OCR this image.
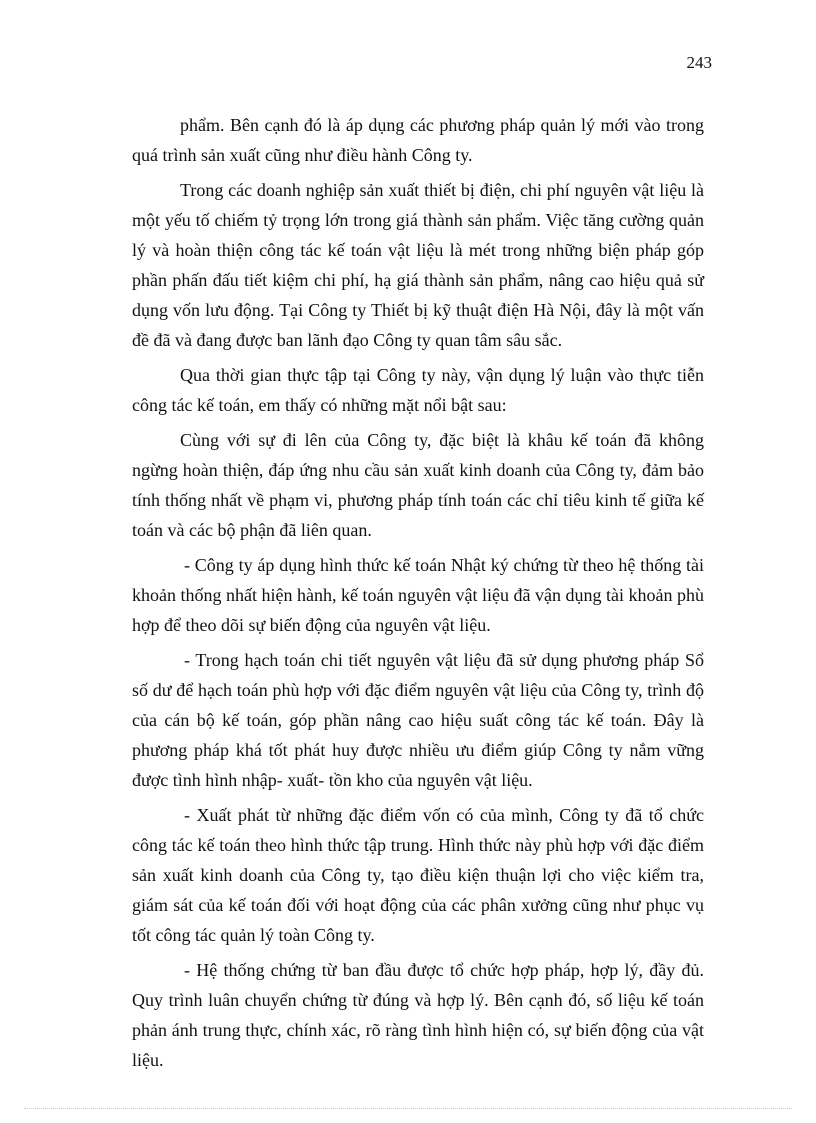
243

phẩm. Bên cạnh đó là áp dụng các phương pháp quản lý mới vào trong quá trình sản xuất cũng như điều hành Công ty.

Trong các doanh nghiệp sản xuất thiết bị điện, chi phí nguyên vật liệu là một yếu tố chiếm tỷ trọng lớn trong giá thành sản phẩm. Việc tăng cường quản lý và hoàn thiện công tác kế toán vật liệu là mét trong những biện pháp góp phần phấn đấu tiết kiệm chi phí, hạ giá thành sản phẩm, nâng cao hiệu quả sử dụng vốn lưu động. Tại Công ty Thiết bị kỹ thuật điện Hà Nội, đây là một vấn đề đã và đang được ban lãnh đạo Công ty quan tâm sâu sắc.

Qua thời gian thực tập tại Công ty này, vận dụng lý luận vào thực tiễn công tác kế toán, em thấy có những mặt nổi bật sau:

Cùng với sự đi lên của Công ty, đặc biệt là khâu kế toán đã không ngừng hoàn thiện, đáp ứng nhu cầu sản xuất kinh doanh của Công ty, đảm bảo tính thống nhất về phạm vi, phương pháp tính toán các chỉ tiêu kinh tế giữa kế toán và các bộ phận đã liên quan.

- Công ty áp dụng hình thức kế toán Nhật ký chứng từ theo hệ thống tài khoản thống nhất hiện hành, kế toán nguyên vật liệu đã vận dụng tài khoản phù hợp để theo dõi sự biến động của nguyên vật liệu.

- Trong hạch toán chi tiết nguyên vật liệu đã sử dụng phương pháp Sổ số dư để hạch toán phù hợp với đặc điểm nguyên vật liệu của Công ty, trình độ của cán bộ kế toán, góp phần nâng cao hiệu suất công tác kế toán. Đây là phương pháp khá tốt phát huy được nhiều ưu điểm giúp Công ty nắm vững được tình hình nhập- xuất- tồn kho của nguyên vật liệu.

- Xuất phát từ những đặc điểm vốn có của mình, Công ty đã tổ chức công tác kế toán theo hình thức tập trung. Hình thức này phù hợp với đặc điểm sản xuất kinh doanh của Công ty, tạo điều kiện thuận lợi cho việc kiểm tra, giám sát của kế toán đối với hoạt động của các phân xưởng cũng như phục vụ tốt công tác quản lý toàn Công ty.

- Hệ thống chứng từ ban đầu được tổ chức hợp pháp, hợp lý, đầy đủ. Quy trình luân chuyển chứng từ đúng và hợp lý. Bên cạnh đó, số liệu kế toán phản ánh trung thực, chính xác, rõ ràng tình hình hiện có, sự biến động của vật liệu.
